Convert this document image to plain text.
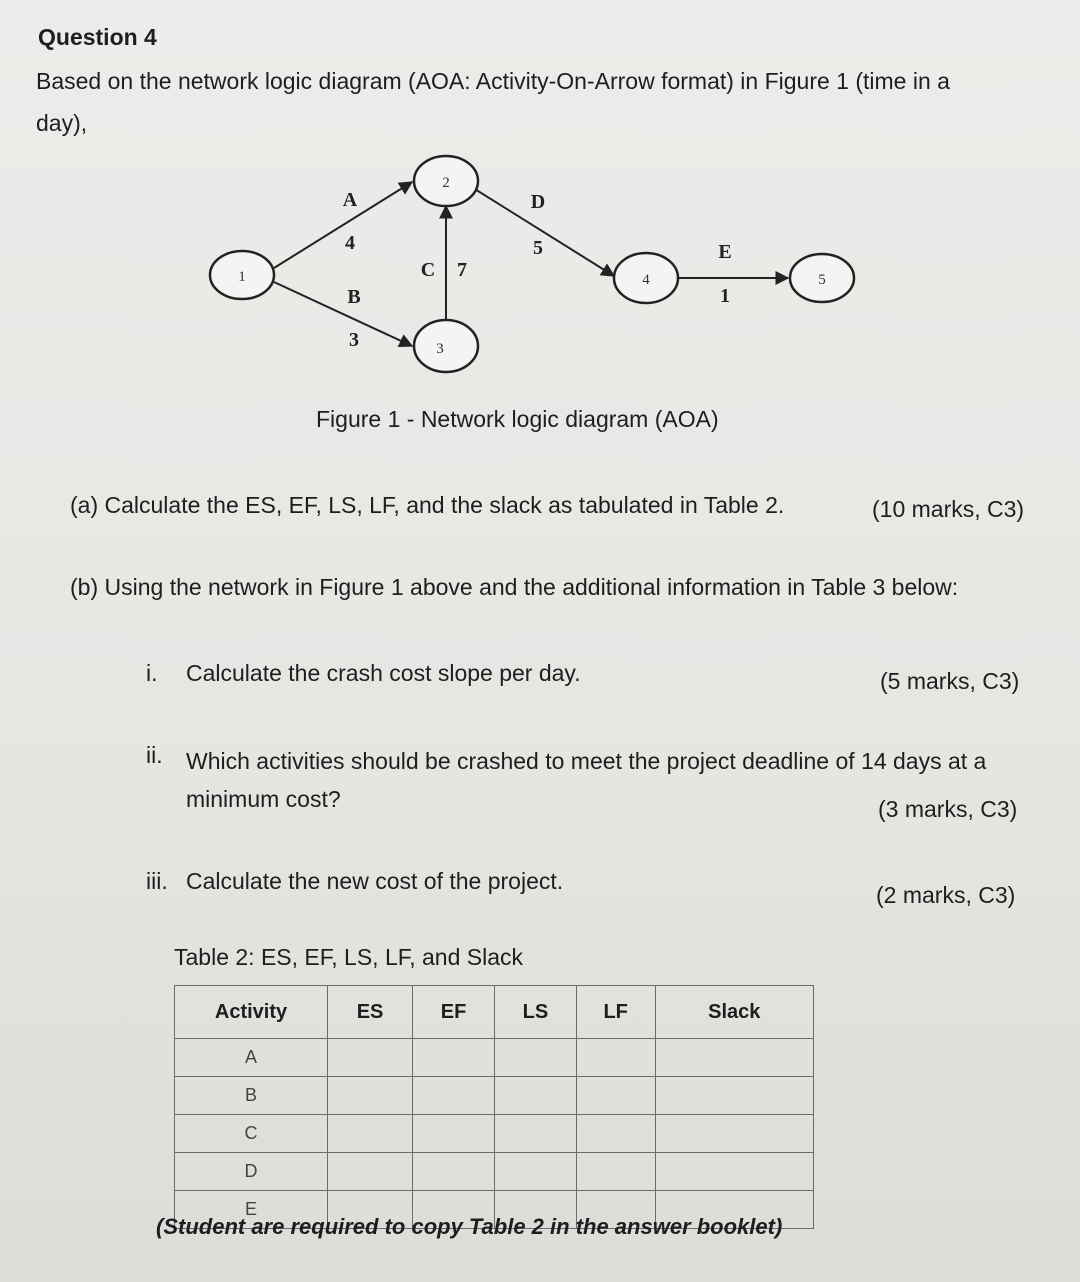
Question 4
Based on the network logic diagram (AOA: Activity-On-Arrow format) in Figure 1 (time in a
day),
1
2
3
4	5
A
4
B
3
C 7
D
5	E
1
Figure 1 - Network logic diagram (AOA)
(a) Calculate the ES, EF, LS, LF, and the slack as tabulated in Table 2.	(10 marks, C3)
(b) Using the network in Figure 1 above and the additional information in Table 3 below:
i. Calculate the crash cost slope per day.	(5 marks, C3)
ii. Which activities should be crashed to meet the project deadline of 14 days at a minimum cost?	(3 marks, C3)
iii. Calculate the new cost of the project.
(2 marks, C3)
Table 2: ES, EF, LS, LF, and Slack
Activity	ES	EF	LS	LF	Slack
A					
B					
C					
D					
E					
(Student are required to copy Table 2 in the answer booklet)
